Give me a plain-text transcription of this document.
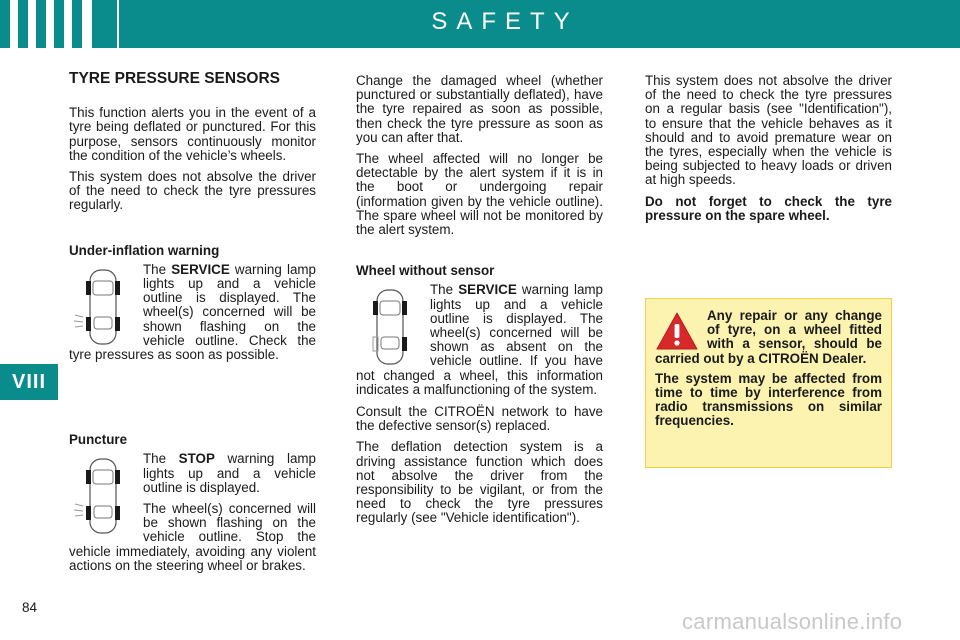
SAFETY
VIII
TYRE PRESSURE SENSORS

This function alerts you in the event of a tyre being deflated or punctured. For this purpose, sensors continuously monitor the condition of the vehicle’s wheels.

This system does not absolve the driver of the need to check the tyre pressures regularly.

Under-inflation warning

The SERVICE warning lamp lights up and a vehicle outline is displayed. The wheel(s) concerned will be shown flashing on the vehicle outline. Check the tyre pressures as soon as possible.

Puncture

The STOP warning lamp lights up and a vehicle outline is displayed.

The wheel(s) concerned will be shown flashing on the vehicle outline. Stop the vehicle immediately, avoiding any violent actions on the steering wheel or brakes.

Change the damaged wheel (whether punctured or substantially deflated), have the tyre repaired as soon as possible, then check the tyre pressure as soon as you can after that.

The wheel affected will no longer be detectable by the alert system if it is in the boot or undergoing repair (information given by the vehicle outline). The spare wheel will not be monitored by the alert system.

Wheel without sensor

The SERVICE warning lamp lights up and a vehicle outline is displayed. The wheel(s) concerned will be shown as absent on the vehicle outline. If you have not changed a wheel, this information indicates a malfunctioning of the system.

Consult the CITROËN network to have the defective sensor(s) replaced.

The deflation detection system is a driving assistance function which does not absolve the driver from the responsibility to be vigilant, or from the need to check the tyre pressures regularly (see "Vehicle identification").

This system does not absolve the driver of the need to check the tyre pressures on a regular basis (see "Identification"), to ensure that the vehicle behaves as it should and to avoid premature wear on the tyres, especially when the vehicle is being subjected to heavy loads or driven at high speeds.

Do not forget to check the tyre pressure on the spare wheel.

Any repair or any change of tyre, on a wheel fitted with a sensor, should be carried out by a CITROËN Dealer.

The system may be affected from time to time by interference from radio transmissions on similar frequencies.

84
carmanualsonline.info
